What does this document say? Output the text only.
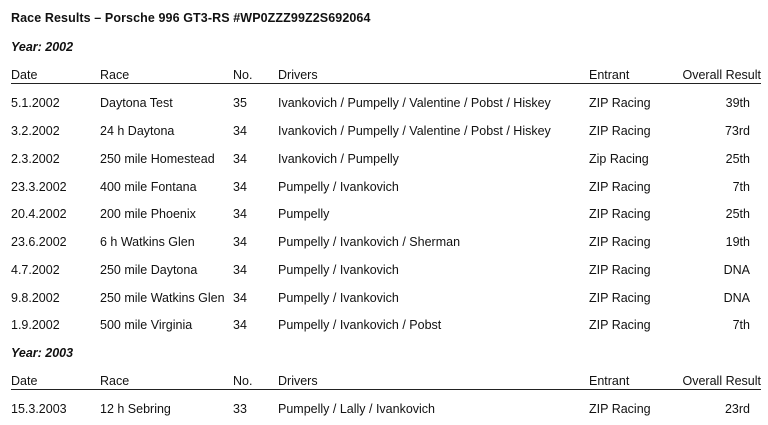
Race Results – Porsche 996 GT3-RS #WP0ZZZ99Z2S692064
Year: 2002
Date	Race	No. Drivers	Entrant	Overall Result
5.1.2002	Daytona Test	35 Ivankovich / Pumpelly / Valentine / Pobst / Hiskey	ZIP Racing	39th
3.2.2002	24 h Daytona	34 Ivankovich / Pumpelly / Valentine / Pobst / Hiskey	ZIP Racing	73rd
2.3.2002	250 mile Homestead 34 Ivankovich / Pumpelly	Zip Racing	25th
23.3.2002	400 mile Fontana	34 Pumpelly / Ivankovich	ZIP Racing	7th
20.4.2002	200 mile Phoenix	34 Pumpelly	ZIP Racing	25th
23.6.2002	6 h Watkins Glen	34 Pumpelly / Ivankovich / Sherman	ZIP Racing	19th
4.7.2002	250 mile Daytona	34 Pumpelly / Ivankovich	ZIP Racing	DNA
9.8.2002	250 mile Watkins Glen 34 Pumpelly / Ivankovich	ZIP Racing	DNA
1.9.2002	500 mile Virginia	34 Pumpelly / Ivankovich / Pobst	ZIP Racing	7th
Year: 2003
Date	Race	No. Drivers	Entrant	Overall Result
15.3.2003	12 h Sebring	33 Pumpelly / Lally / Ivankovich	ZIP Racing	23rd
